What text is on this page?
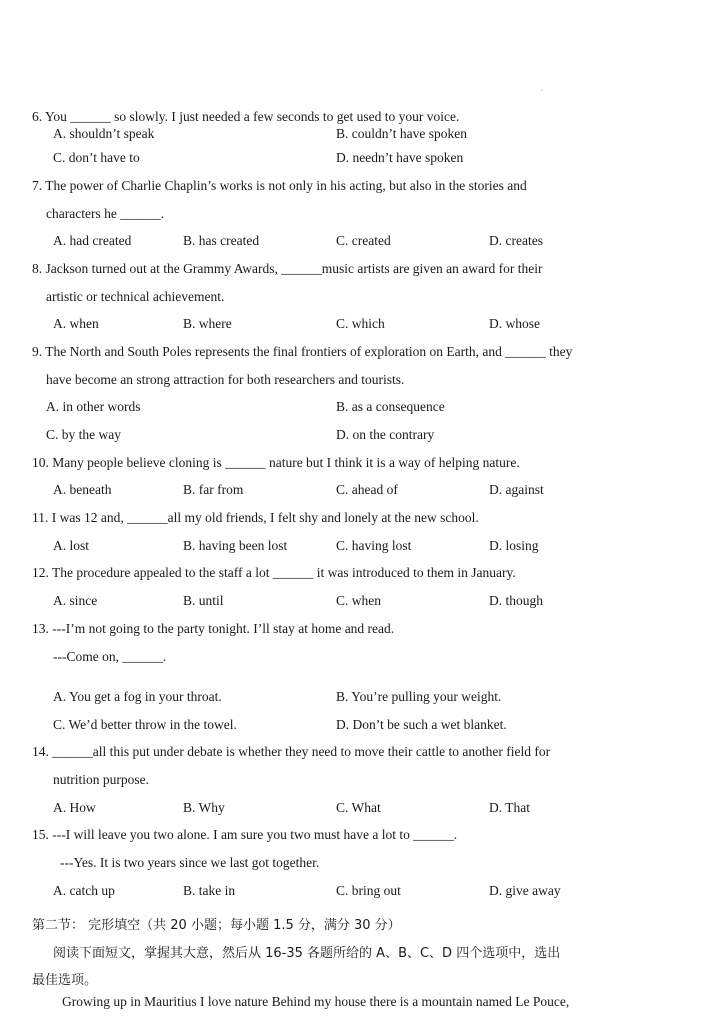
·
6. You ______ so slowly. I just needed a few seconds to get used to your voice.
A. shouldn’t speak	B. couldn’t have spoken
C. don’t have to	D. needn’t have spoken
7. The power of Charlie Chaplin’s works is not only in his acting, but also in the stories and
characters he ______.
A. had created	B. has created	C. created	D. creates
8. Jackson turned out at the Grammy Awards, ______music artists are given an award for their
artistic or technical achievement.
A. when	B. where	C. which	D. whose
9. The North and South Poles represents the final frontiers of exploration on Earth, and ______ they
have become an strong attraction for both researchers and tourists.
A. in other words	B. as a consequence
C. by the way	D. on the contrary
10. Many people believe cloning is ______ nature but I think it is a way of helping nature.
A. beneath	B. far from	C. ahead of	D. against
11. I was 12 and, ______all my old friends, I felt shy and lonely at the new school.
A. lost	B. having been lost	C. having lost	D. losing
12. The procedure appealed to the staff a lot ______ it was introduced to them in January.
A. since	B. until	C. when	D. though
13. ---I’m not going to the party tonight. I’ll stay at home and read.
---Come on, ______.
A. You get a fog in your throat.	B. You’re pulling your weight.
C. We’d better throw in the towel.	D. Don’t be such a wet blanket.
14. ______all this put under debate is whether they need to move their cattle to another field for
nutrition purpose.
A. How	B. Why	C. What	D. That
15. ---I will leave you two alone. I am sure you two must have a lot to ______.
---Yes. It is two years since we last got together.
A. catch up	B. take in	C. bring out	D. give away
第二节： 完形填空（共 20 小题；每小题 1.5 分，满分 30 分）
阅读下面短文，掌握其大意，然后从 16-35 各题所给的 A、B、C、D 四个选项中，选出
最佳选项。
Growing up in Mauritius I love nature Behind my house there is a mountain named Le Pouce,
